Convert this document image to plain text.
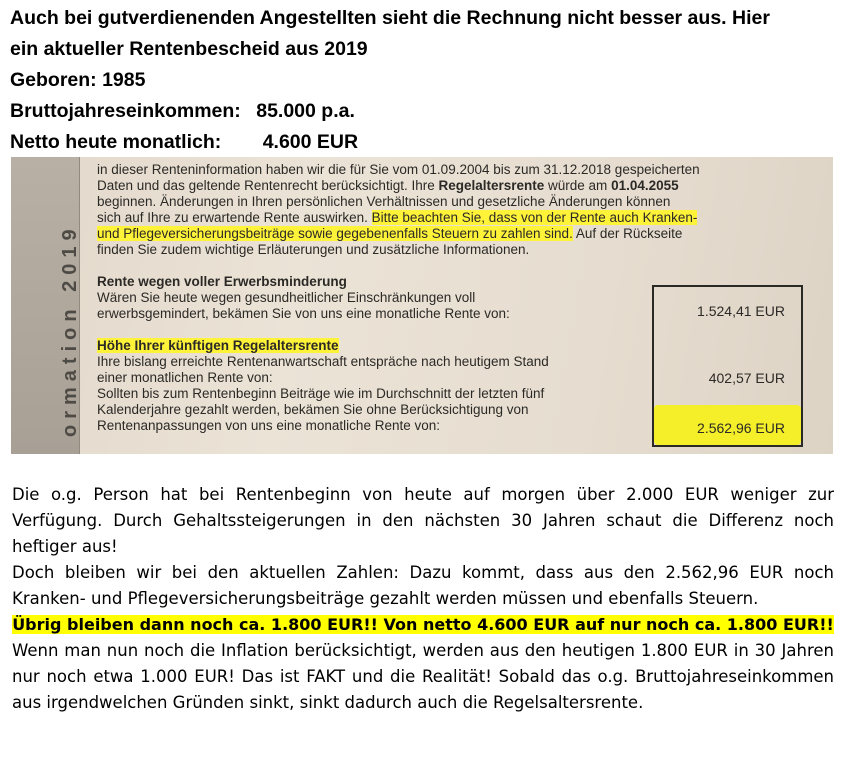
Auch bei gutverdienenden Angestellten sieht die Rechnung nicht besser aus. Hier
ein aktueller Rentenbescheid aus 2019
Geboren: 1985
Bruttojahreseinkommen: 85.000 p.a.
Netto heute monatlich: 4.600 EUR
ormation 2019
in dieser Renteninformation haben wir die für Sie vom 01.09.2004 bis zum 31.12.2018 gespeicherten
Daten und das geltende Rentenrecht berücksichtigt. Ihre Regelaltersrente würde am 01.04.2055
beginnen. Änderungen in Ihren persönlichen Verhältnissen und gesetzliche Änderungen können
sich auf Ihre zu erwartende Rente auswirken. Bitte beachten Sie, dass von der Rente auch Kranken-
und Pflegeversicherungsbeiträge sowie gegebenenfalls Steuern zu zahlen sind. Auf der Rückseite
finden Sie zudem wichtige Erläuterungen und zusätzliche Informationen.
Rente wegen voller Erwerbsminderung
Wären Sie heute wegen gesundheitlicher Einschränkungen voll
erwerbsgemindert, bekämen Sie von uns eine monatliche Rente von:
Höhe Ihrer künftigen Regelaltersrente
Ihre bislang erreichte Rentenanwartschaft entspräche nach heutigem Stand
einer monatlichen Rente von:
Sollten bis zum Rentenbeginn Beiträge wie im Durchschnitt der letzten fünf
Kalenderjahre gezahlt werden, bekämen Sie ohne Berücksichtigung von
Rentenanpassungen von uns eine monatliche Rente von:
1.524,41 EUR
402,57 EUR
2.562,96 EUR

Die o.g. Person hat bei Rentenbeginn von heute auf morgen über 2.000 EUR weniger zur Verfügung. Durch Gehaltssteigerungen in den nächsten 30 Jahren schaut die Differenz noch heftiger aus!

Doch bleiben wir bei den aktuellen Zahlen: Dazu kommt, dass aus den 2.562,96 EUR noch Kranken- und Pflegeversicherungsbeiträge gezahlt werden müssen und ebenfalls Steuern.

Übrig bleiben dann noch ca. 1.800 EUR!! Von netto 4.600 EUR auf nur noch ca. 1.800 EUR!!

Wenn man nun noch die Inflation berücksichtigt, werden aus den heutigen 1.800 EUR in 30 Jahren nur noch etwa 1.000 EUR! Das ist FAKT und die Realität! Sobald das o.g. Bruttojahreseinkommen aus irgendwelchen Gründen sinkt, sinkt dadurch auch die Regelsaltersrente.
